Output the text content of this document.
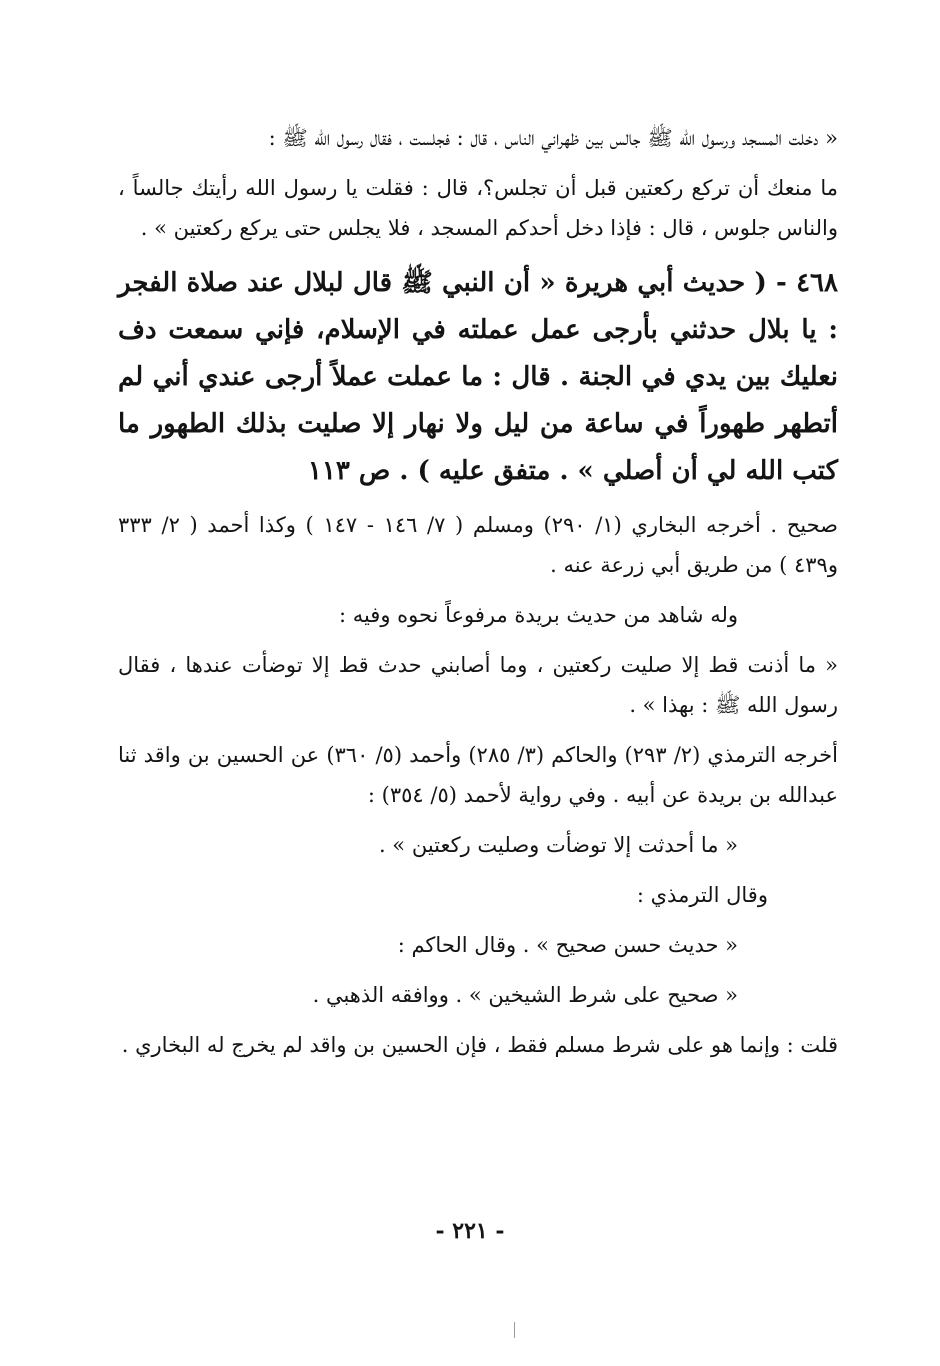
« دخلت المسجد ورسول الله ﷺ جالس بين ظهراني الناس ، قال : فجلست ، فقال رسول الله ﷺ :

ما منعك أن تركع ركعتين قبل أن تجلس؟، قال : فقلت يا رسول الله رأيتك جالساً ، والناس جلوس ، قال : فإذا دخل أحدكم المسجد ، فلا يجلس حتى يركع ركعتين » .

٤٦٨ - ( حديث أبي هريرة « أن النبي ﷺ قال لبلال عند صلاة الفجر : يا بلال حدثني بأرجى عمل عملته في الإسلام، فإني سمعت دف نعليك بين يدي في الجنة . قال : ما عملت عملاً أرجى عندي أني لم أتطهر طهوراً في ساعة من ليل ولا نهار إلا صليت بذلك الطهور ما كتب الله لي أن أصلي » . متفق عليه ) . ص ١١٣

صحيح . أخرجه البخاري (١/ ٢٩٠) ومسلم ( ٧/ ١٤٦ - ١٤٧ ) وكذا أحمد ( ٢/ ٣٣٣ و٤٣٩ ) من طريق أبي زرعة عنه .

وله شاهد من حديث بريدة مرفوعاً نحوه وفيه :

« ما أذنت قط إلا صليت ركعتين ، وما أصابني حدث قط إلا توضأت عندها ، فقال رسول الله ﷺ : بهذا » .

أخرجه الترمذي (٢/ ٢٩٣) والحاكم (٣/ ٢٨٥) وأحمد (٥/ ٣٦٠) عن الحسين بن واقد ثنا عبدالله بن بريدة عن أبيه . وفي رواية لأحمد (٥/ ٣٥٤) :

« ما أحدثت إلا توضأت وصليت ركعتين » .

وقال الترمذي :

« حديث حسن صحيح » . وقال الحاكم :

« صحيح على شرط الشيخين » . ووافقه الذهبي .

قلت : وإنما هو على شرط مسلم فقط ، فإن الحسين بن واقد لم يخرج له البخاري .

- ٢٢١ -
